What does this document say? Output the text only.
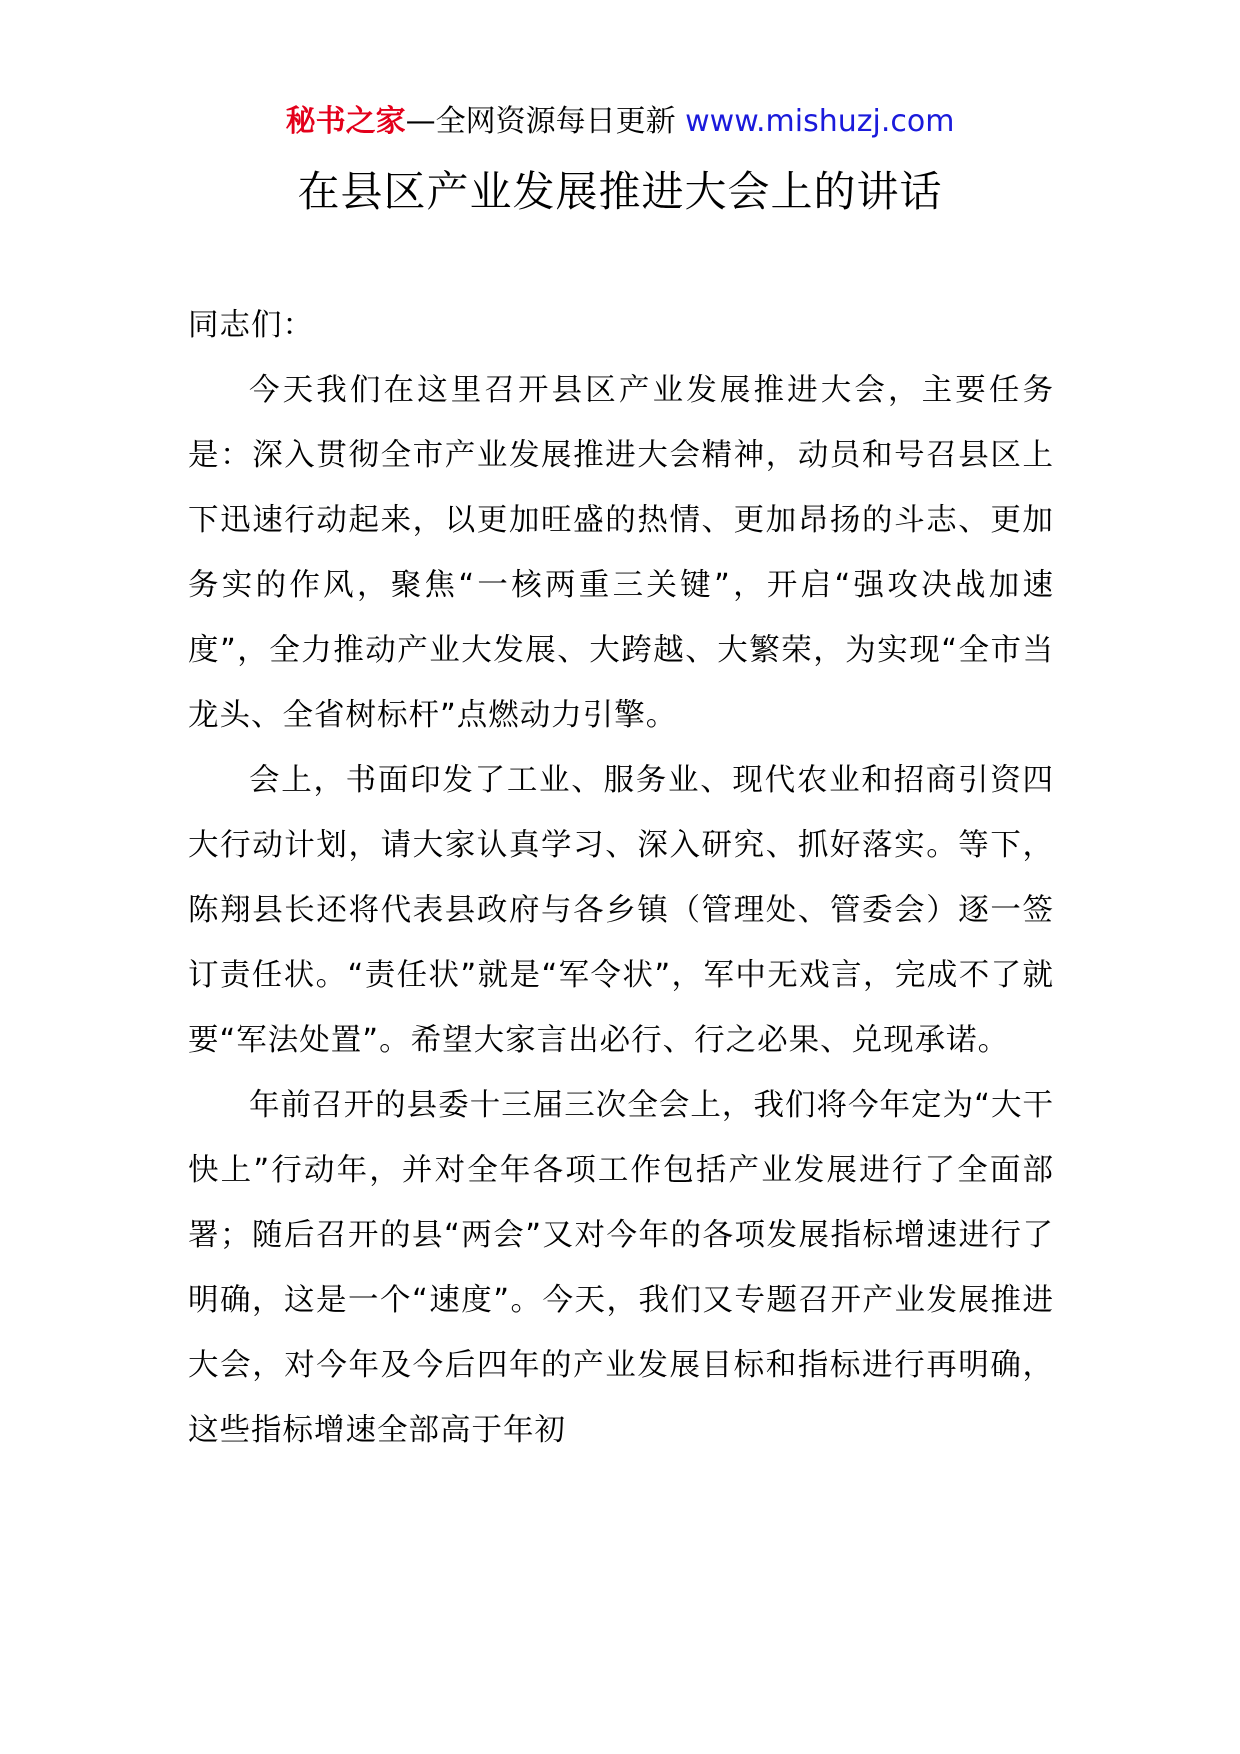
秘书之家—全网资源每日更新 www.mishuzj.com
在县区产业发展推进大会上的讲话

同志们：

今天我们在这里召开县区产业发展推进大会，主要任务是：深入贯彻全市产业发展推进大会精神，动员和号召县区上下迅速行动起来，以更加旺盛的热情、更加昂扬的斗志、更加务实的作风，聚焦“一核两重三关键”，开启“强攻决战加速度”，全力推动产业大发展、大跨越、大繁荣，为实现“全市当龙头、全省树标杆”点燃动力引擎。

会上，书面印发了工业、服务业、现代农业和招商引资四大行动计划，请大家认真学习、深入研究、抓好落实。等下，陈翔县长还将代表县政府与各乡镇（管理处、管委会）逐一签订责任状。“责任状”就是“军令状”，军中无戏言，完成不了就要“军法处置”。希望大家言出必行、行之必果、兑现承诺。

年前召开的县委十三届三次全会上，我们将今年定为“大干快上”行动年，并对全年各项工作包括产业发展进行了全面部署；随后召开的县“两会”又对今年的各项发展指标增速进行了明确，这是一个“速度”。今天，我们又专题召开产业发展推进大会，对今年及今后四年的产业发展目标和指标进行再明确，这些指标增速全部高于年初
